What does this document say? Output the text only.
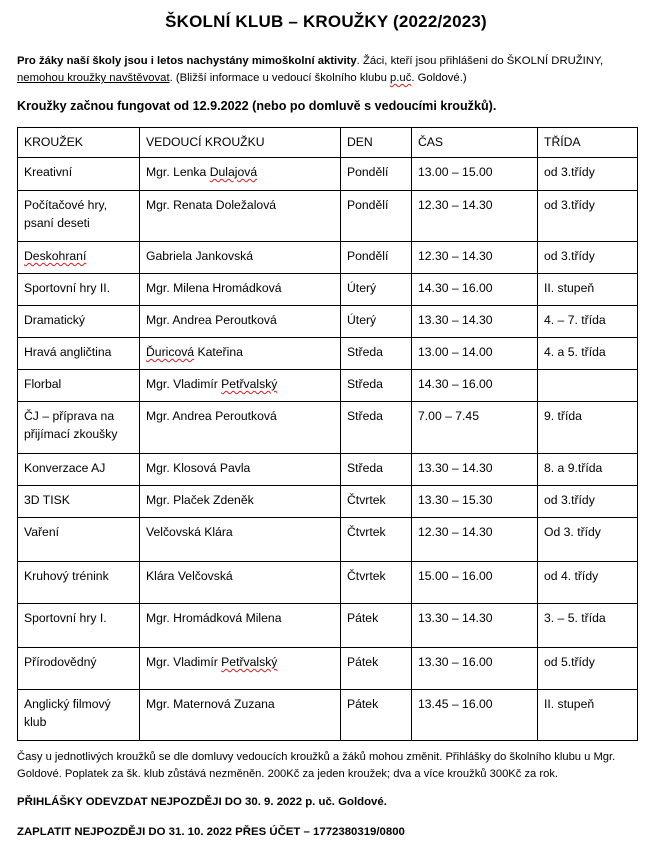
ŠKOLNÍ KLUB – KROUŽKY (2022/2023)
Pro žáky naší školy jsou i letos nachystány mimoškolní aktivity. Žáci, kteří jsou přihlášeni do ŠKOLNÍ DRUŽINY, nemohou kroužky navštěvovat. (Bližší informace u vedoucí školního klubu p.uč. Goldové.)
Kroužky začnou fungovat od 12.9.2022 (nebo po domluvě s vedoucími kroužků).
KROUŽEK	VEDOUCÍ KROUŽKU	DEN	ČAS	TŘÍDA
Kreativní	Mgr. Lenka Dulajová	Pondělí	13.00 – 15.00	od 3.třídy
Počítačové hry, psaní deseti	Mgr. Renata Doležalová	Pondělí	12.30 – 14.30	od 3.třídy
Deskohraní	Gabriela Jankovská	Pondělí	12.30 – 14.30	od 3.třídy
Sportovní hry II.	Mgr. Milena Hromádková	Úterý	14.30 – 16.00	II. stupeň
Dramatický	Mgr. Andrea Peroutková	Úterý	13.30 – 14.30	4. – 7. třída
Hravá angličtina	Ďuricová Kateřina	Středa	13.00 – 14.00	4. a 5. třída
Florbal	Mgr. Vladimír Petřvalský	Středa	14.30 – 16.00	
ČJ – příprava na přijímací zkoušky	Mgr. Andrea Peroutková	Středa	7.00 – 7.45	9. třída
Konverzace AJ	Mgr. Klosová Pavla	Středa	13.30 – 14.30	8. a 9.třída
3D TISK	Mgr. Plaček Zdeněk	Čtvrtek	13.30 – 15.30	od 3.třídy
Vaření	Velčovská Klára	Čtvrtek	12.30 – 14.30	Od 3. třídy
Kruhový trénink	Klára Velčovská	Čtvrtek	15.00 – 16.00	od 4. třídy
Sportovní hry I.	Mgr. Hromádková Milena	Pátek	13.30 – 14.30	3. – 5. třída
Přírodovědný	Mgr. Vladimír Petřvalský	Pátek	13.30 – 16.00	od 5.třídy
Anglický filmový klub	Mgr. Maternová Zuzana	Pátek	13.45 – 16.00	II. stupeň
Časy u jednotlivých kroužků se dle domluvy vedoucích kroužků a žáků mohou změnit. Přihlášky do školního klubu u Mgr. Goldové. Poplatek za šk. klub zůstává nezměněn. 200Kč za jeden kroužek; dva a více kroužků 300Kč za rok.
PŘIHLÁŠKY ODEVZDAT NEJPOZDĚJI DO 30. 9. 2022 p. uč. Goldové.
ZAPLATIT NEJPOZDĚJI DO 31. 10. 2022 PŘES ÚČET – 1772380319/0800
